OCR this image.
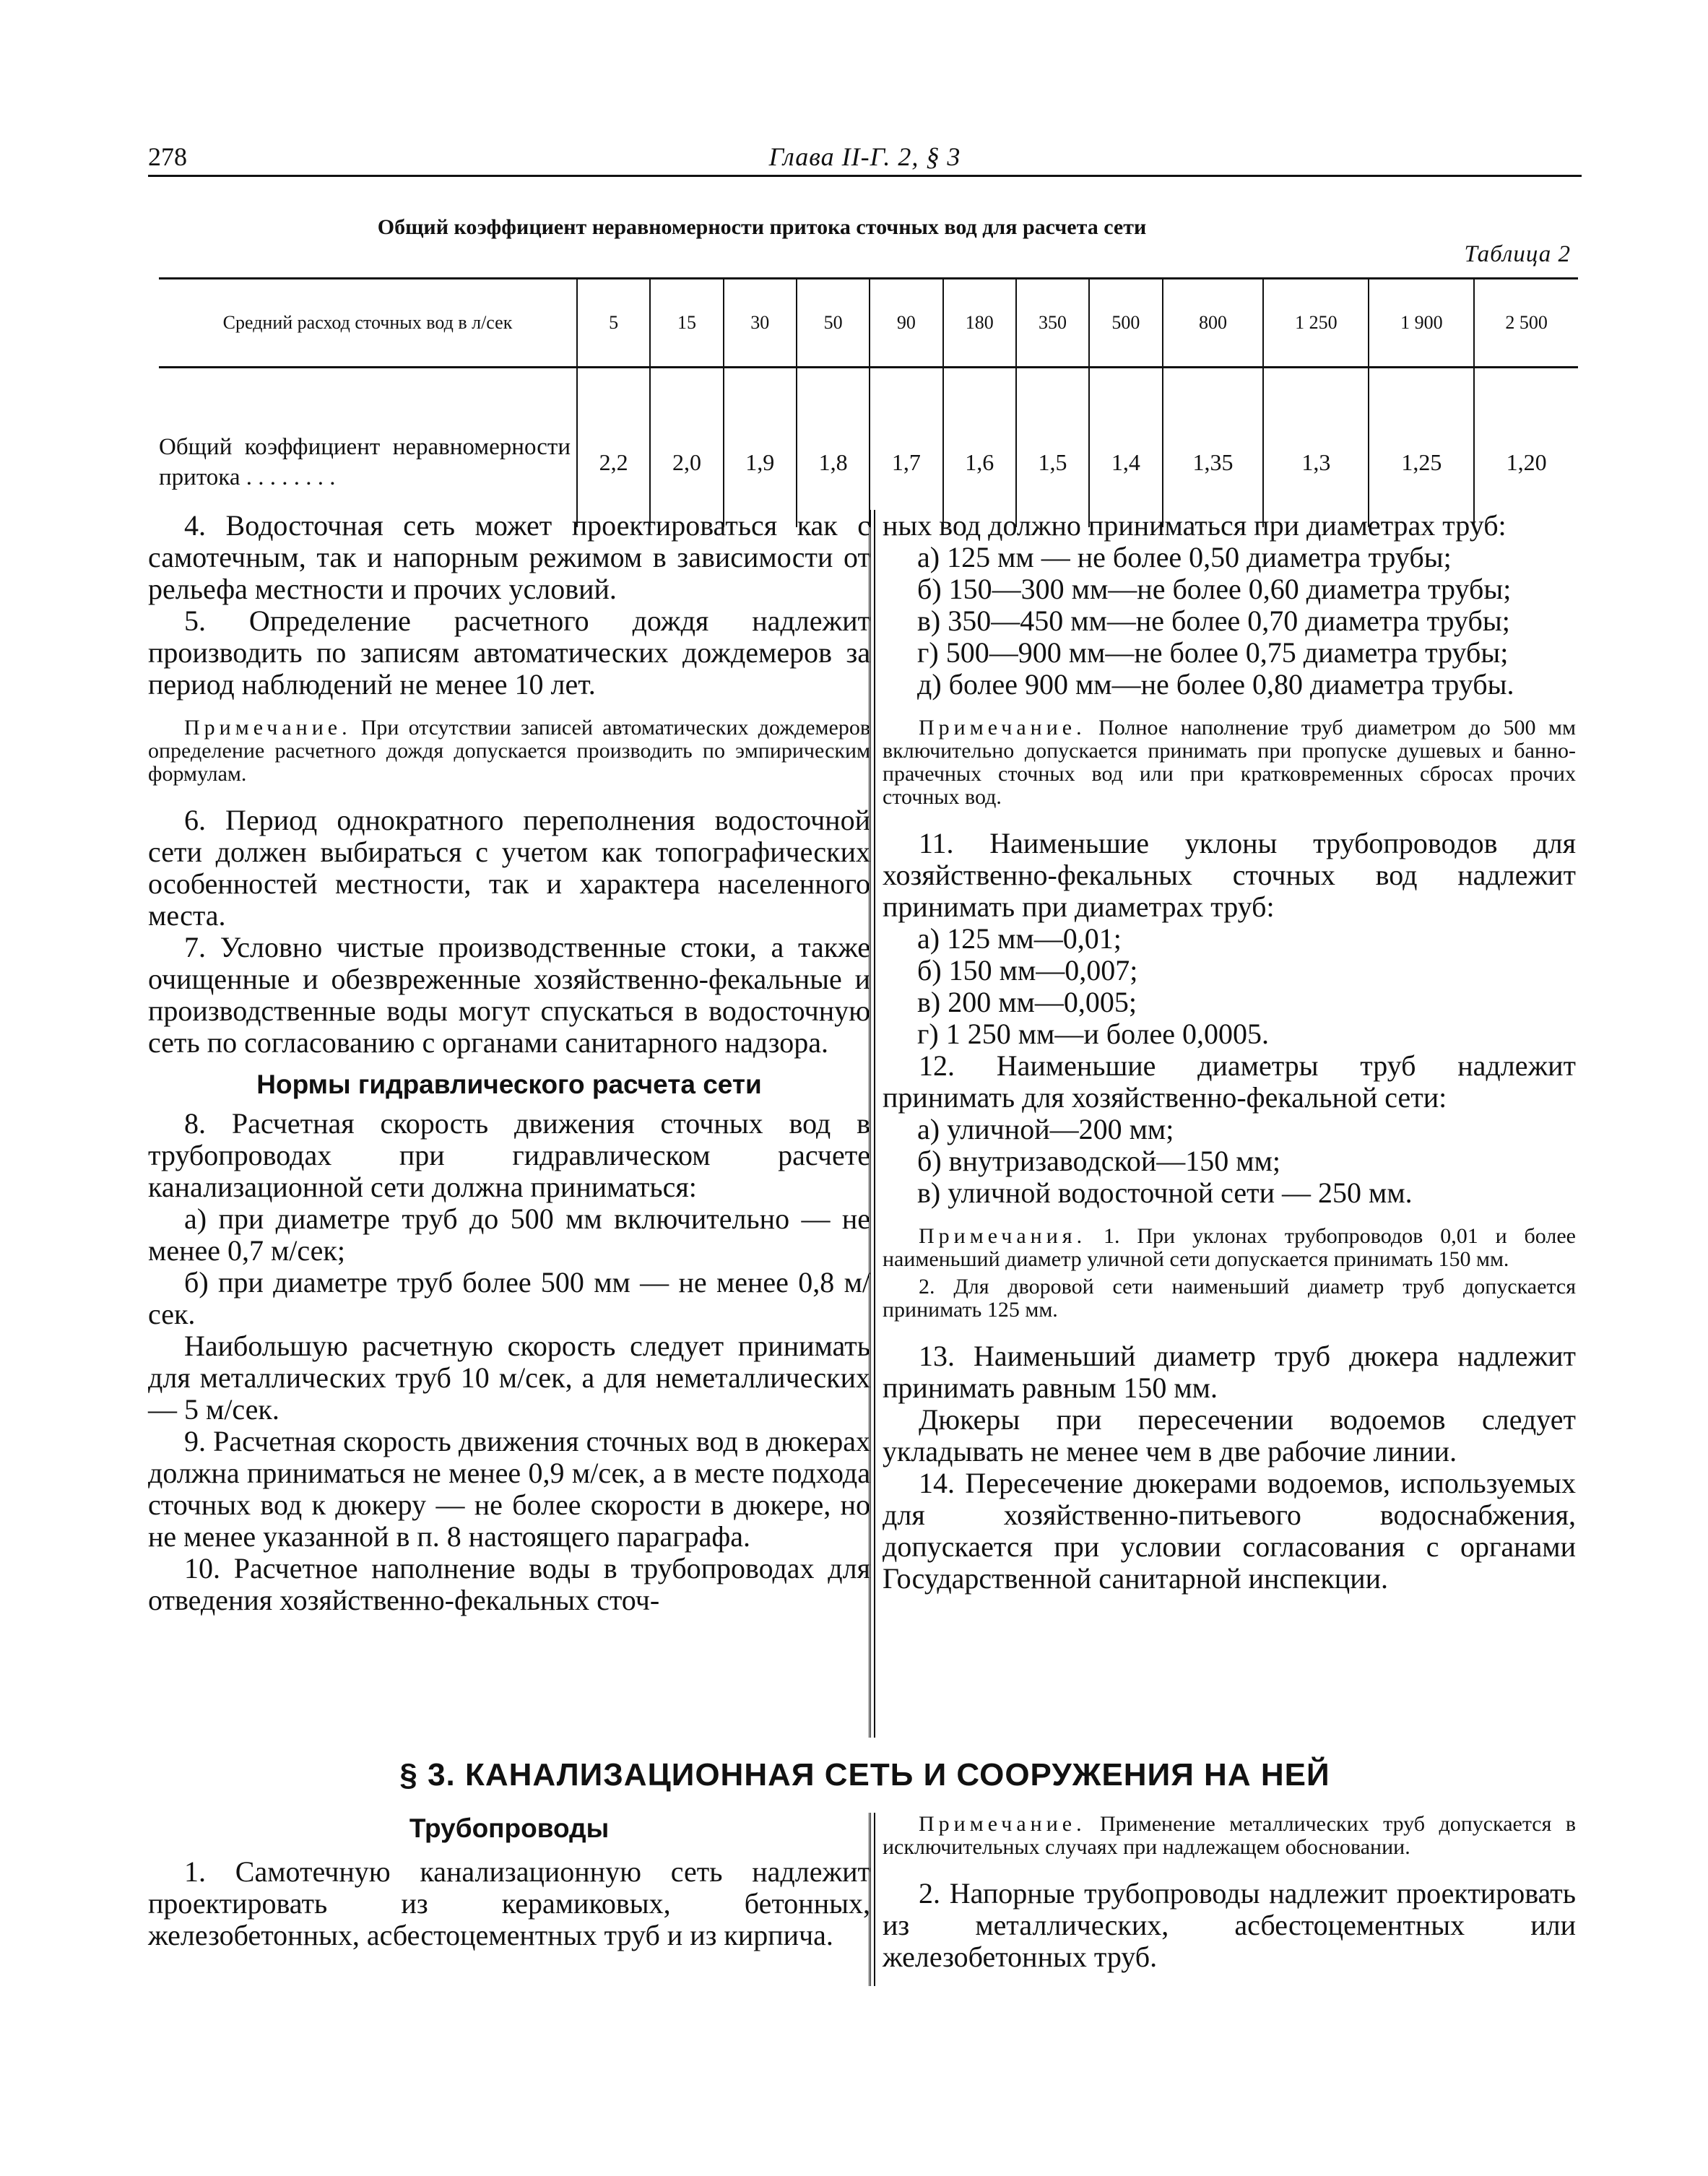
278	Глава II-Г. 2, § 3
Общий коэффициент неравномерности притока сточных вод для расчета сети
Таблица 2
Средний расход сточных вод в л/сек	5	15	30	50	90	180	350	500	800	1 250	1 900	2 500
Общий коэффициент неравномерности притока . . . . . . . .	2,2	2,0	1,9	1,8	1,7	1,6	1,5	1,4	1,35	1,3	1,25	1,20

4. Водосточная сеть может проектироваться как с самотечным, так и напорным режимом в зависимости от рельефа местности и прочих условий.

5. Определение расчетного дождя надлежит производить по записям автоматических дождемеров за период наблюдений не менее 10 лет.

Примечание. При отсутствии записей автоматических дождемеров определение расчетного дождя допускается производить по эмпирическим формулам.

6. Период однократного переполнения водосточной сети должен выбираться с учетом как топографических особенностей местности, так и характера населенного места.

7. Условно чистые производственные стоки, а также очищенные и обезвреженные хозяйственно-фекальные и производственные воды могут спускаться в водосточную сеть по согласованию с органами санитарного надзора.

Нормы гидравлического расчета сети

8. Расчетная скорость движения сточных вод в трубопроводах при гидравлическом расчете канализационной сети должна приниматься:

а) при диаметре труб до 500 мм включительно — не менее 0,7 м/сек;

б) при диаметре труб более 500 мм — не менее 0,8 м/сек.

Наибольшую расчетную скорость следует принимать для металлических труб 10 м/сек, а для неметаллических — 5 м/сек.

9. Расчетная скорость движения сточных вод в дюкерах должна приниматься не менее 0,9 м/сек, а в месте подхода сточных вод к дюкеру — не более скорости в дюкере, но не менее указанной в п. 8 настоящего параграфа.

10. Расчетное наполнение воды в трубопроводах для отведения хозяйственно-фекальных сточ-

ных вод должно приниматься при диаметрах труб:

а) 125 мм — не более 0,50 диаметра трубы;

б) 150—300 мм—не более 0,60 диаметра трубы;

в) 350—450 мм—не более 0,70 диаметра трубы;

г) 500—900 мм—не более 0,75 диаметра трубы;

д) более 900 мм—не более 0,80 диаметра трубы.

Примечание. Полное наполнение труб диаметром до 500 мм включительно допускается принимать при пропуске душевых и банно-прачечных сточных вод или при кратковременных сбросах прочих сточных вод.

11. Наименьшие уклоны трубопроводов для хозяйственно-фекальных сточных вод надлежит принимать при диаметрах труб:

а) 125 мм—0,01;

б) 150 мм—0,007;

в) 200 мм—0,005;

г) 1 250 мм—и более 0,0005.

12. Наименьшие диаметры труб надлежит принимать для хозяйственно-фекальной сети:

а) уличной—200 мм;

б) внутризаводской—150 мм;

в) уличной водосточной сети — 250 мм.

Примечания. 1. При уклонах трубопроводов 0,01 и более наименьший диаметр уличной сети допускается принимать 150 мм.

2. Для дворовой сети наименьший диаметр труб допускается принимать 125 мм.

13. Наименьший диаметр труб дюкера надлежит принимать равным 150 мм.

Дюкеры при пересечении водоемов следует укладывать не менее чем в две рабочие линии.

14. Пересечение дюкерами водоемов, используемых для хозяйственно-питьевого водоснабжения, допускается при условии согласования с органами Государственной санитарной инспекции.

§ 3. КАНАЛИЗАЦИОННАЯ СЕТЬ И СООРУЖЕНИЯ НА НЕЙ
Трубопроводы

1. Самотечную канализационную сеть надлежит проектировать из керамиковых, бетонных, железобетонных, асбестоцементных труб и из кирпича.

Примечание. Применение металлических труб допускается в исключительных случаях при надлежащем обосновании.

2. Напорные трубопроводы надлежит проектировать из металлических, асбестоцементных или железобетонных труб.
